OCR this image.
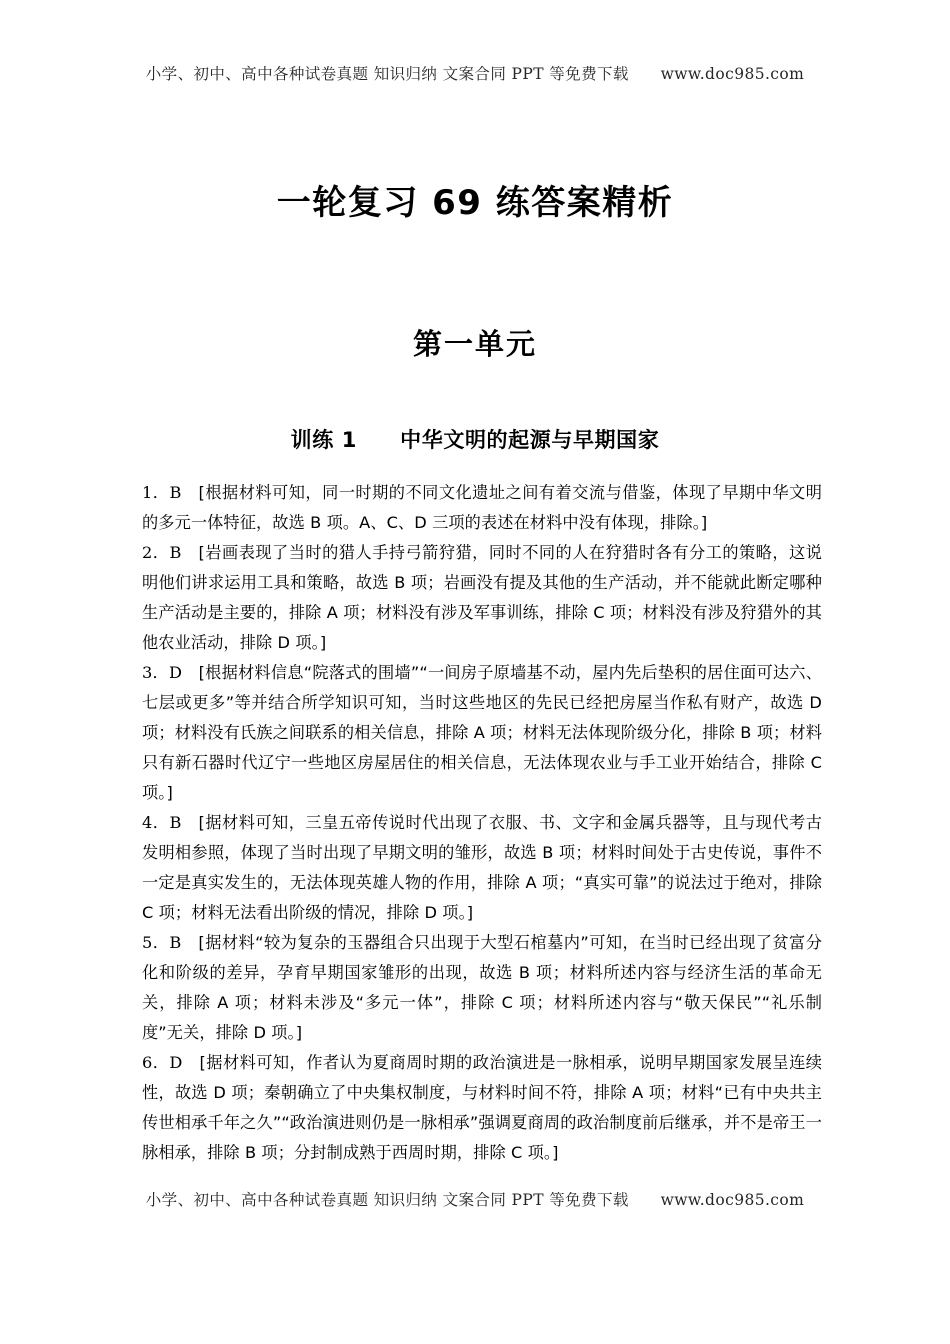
小学、初中、高中各种试卷真题 知识归纳 文案合同 PPT 等免费下载　　www.doc985.com
一轮复习 69 练答案精析
第一单元
训练 1　　中华文明的起源与早期国家

1．B　[根据材料可知，同一时期的不同文化遗址之间有着交流与借鉴，体现了早期中华文明的多元一体特征，故选 B 项。A、C、D 三项的表述在材料中没有体现，排除。]

2．B　[岩画表现了当时的猎人手持弓箭狩猎，同时不同的人在狩猎时各有分工的策略，这说明他们讲求运用工具和策略，故选 B 项；岩画没有提及其他的生产活动，并不能就此断定哪种生产活动是主要的，排除 A 项；材料没有涉及军事训练，排除 C 项；材料没有涉及狩猎外的其他农业活动，排除 D 项。]

3．D　[根据材料信息“院落式的围墙”“一间房子原墙基不动，屋内先后垫积的居住面可达六、七层或更多”等并结合所学知识可知，当时这些地区的先民已经把房屋当作私有财产，故选 D 项；材料没有氏族之间联系的相关信息，排除 A 项；材料无法体现阶级分化，排除 B 项；材料只有新石器时代辽宁一些地区房屋居住的相关信息，无法体现农业与手工业开始结合，排除 C 项。]

4．B　[据材料可知，三皇五帝传说时代出现了衣服、书、文字和金属兵器等，且与现代考古发明相参照，体现了当时出现了早期文明的雏形，故选 B 项；材料时间处于古史传说，事件不一定是真实发生的，无法体现英雄人物的作用，排除 A 项；“真实可靠”的说法过于绝对，排除 C 项；材料无法看出阶级的情况，排除 D 项。]

5．B　[据材料“较为复杂的玉器组合只出现于大型石棺墓内”可知，在当时已经出现了贫富分化和阶级的差异，孕育早期国家雏形的出现，故选 B 项；材料所述内容与经济生活的革命无关，排除 A 项；材料未涉及“多元一体”，排除 C 项；材料所述内容与“敬天保民”“礼乐制度”无关，排除 D 项。]

6．D　[据材料可知，作者认为夏商周时期的政治演进是一脉相承，说明早期国家发展呈连续性，故选 D 项；秦朝确立了中央集权制度，与材料时间不符，排除 A 项；材料“已有中央共主传世相承千年之久”“政治演进则仍是一脉相承”强调夏商周的政治制度前后继承，并不是帝王一脉相承，排除 B 项；分封制成熟于西周时期，排除 C 项。]

小学、初中、高中各种试卷真题 知识归纳 文案合同 PPT 等免费下载　　www.doc985.com
